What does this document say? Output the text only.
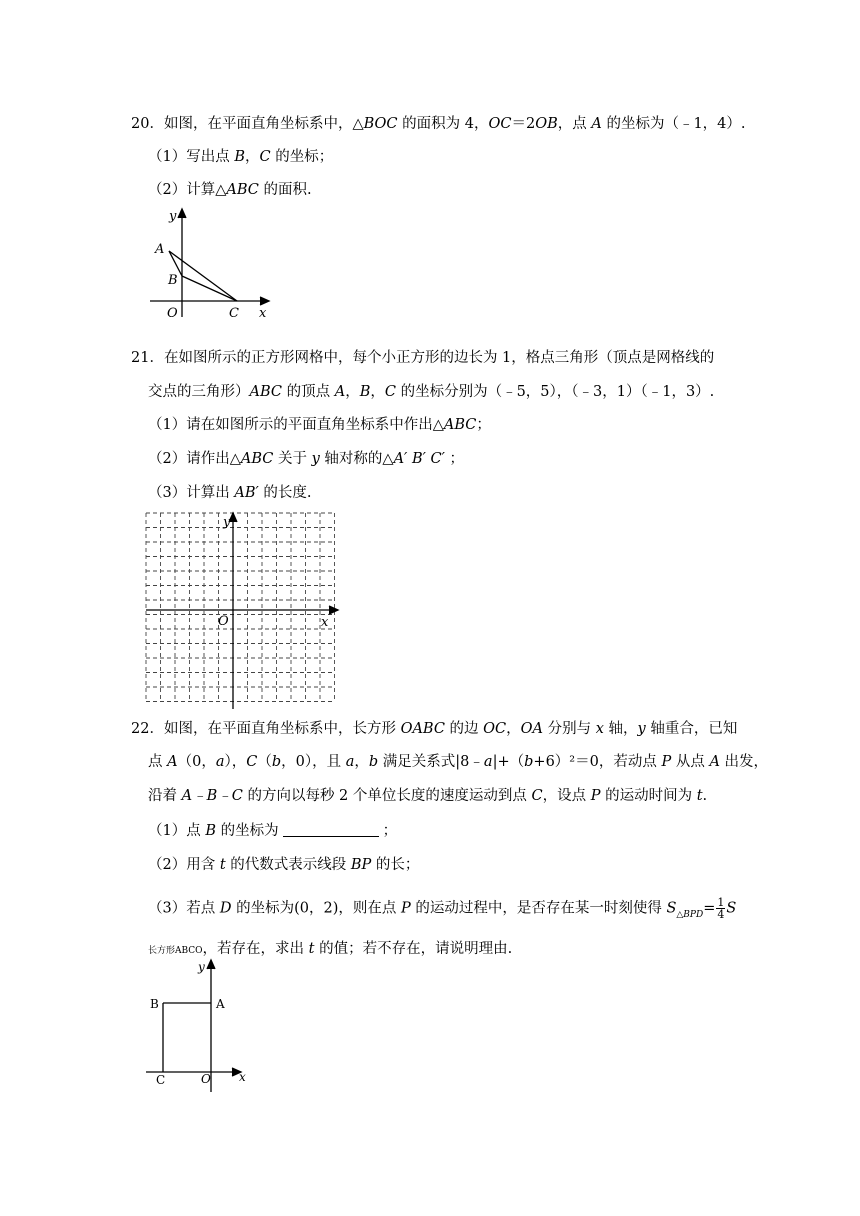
20．如图，在平面直角坐标系中，△BOC 的面积为 4，OC＝2OB，点 A 的坐标为（﹣1，4）.
（1）写出点 B，C 的坐标；
（2）计算△ABC 的面积.
y
x
A
B
O	C
21．在如图所示的正方形网格中，每个小正方形的边长为 1，格点三角形（顶点是网格线的
交点的三角形）ABC 的顶点 A，B，C 的坐标分别为（﹣5，5），（﹣3，1）（﹣1，3）.
（1）请在如图所示的平面直角坐标系中作出△ABC；
（2）请作出△ABC 关于 y 轴对称的△A′ B′ C′ ；
（3）计算出 AB′ 的长度.
y
x
O
22．如图，在平面直角坐标系中，长方形 OABC 的边 OC，OA 分别与 x 轴，y 轴重合，已知
点 A（0，a），C（b，0），且 a，b 满足关系式|8﹣a|+（b+6）²＝0，若动点 P 从点 A 出发，
沿着 A﹣B﹣C 的方向以每秒 2 个单位长度的速度运动到点 C，设点 P 的运动时间为 t.
（1）点 B 的坐标为	；
（2）用含 t 的代数式表示线段 BP 的长；
（3）若点 D 的坐标为(0，2)，则在点 P 的运动过程中，是否存在某一时刻使得 $S_{\triangle BPD}= \frac{1}{4}$ S
长方形ABCO，若存在，求出 t 的值；若不存在，请说明理由.
y
x
B	A
C	O
